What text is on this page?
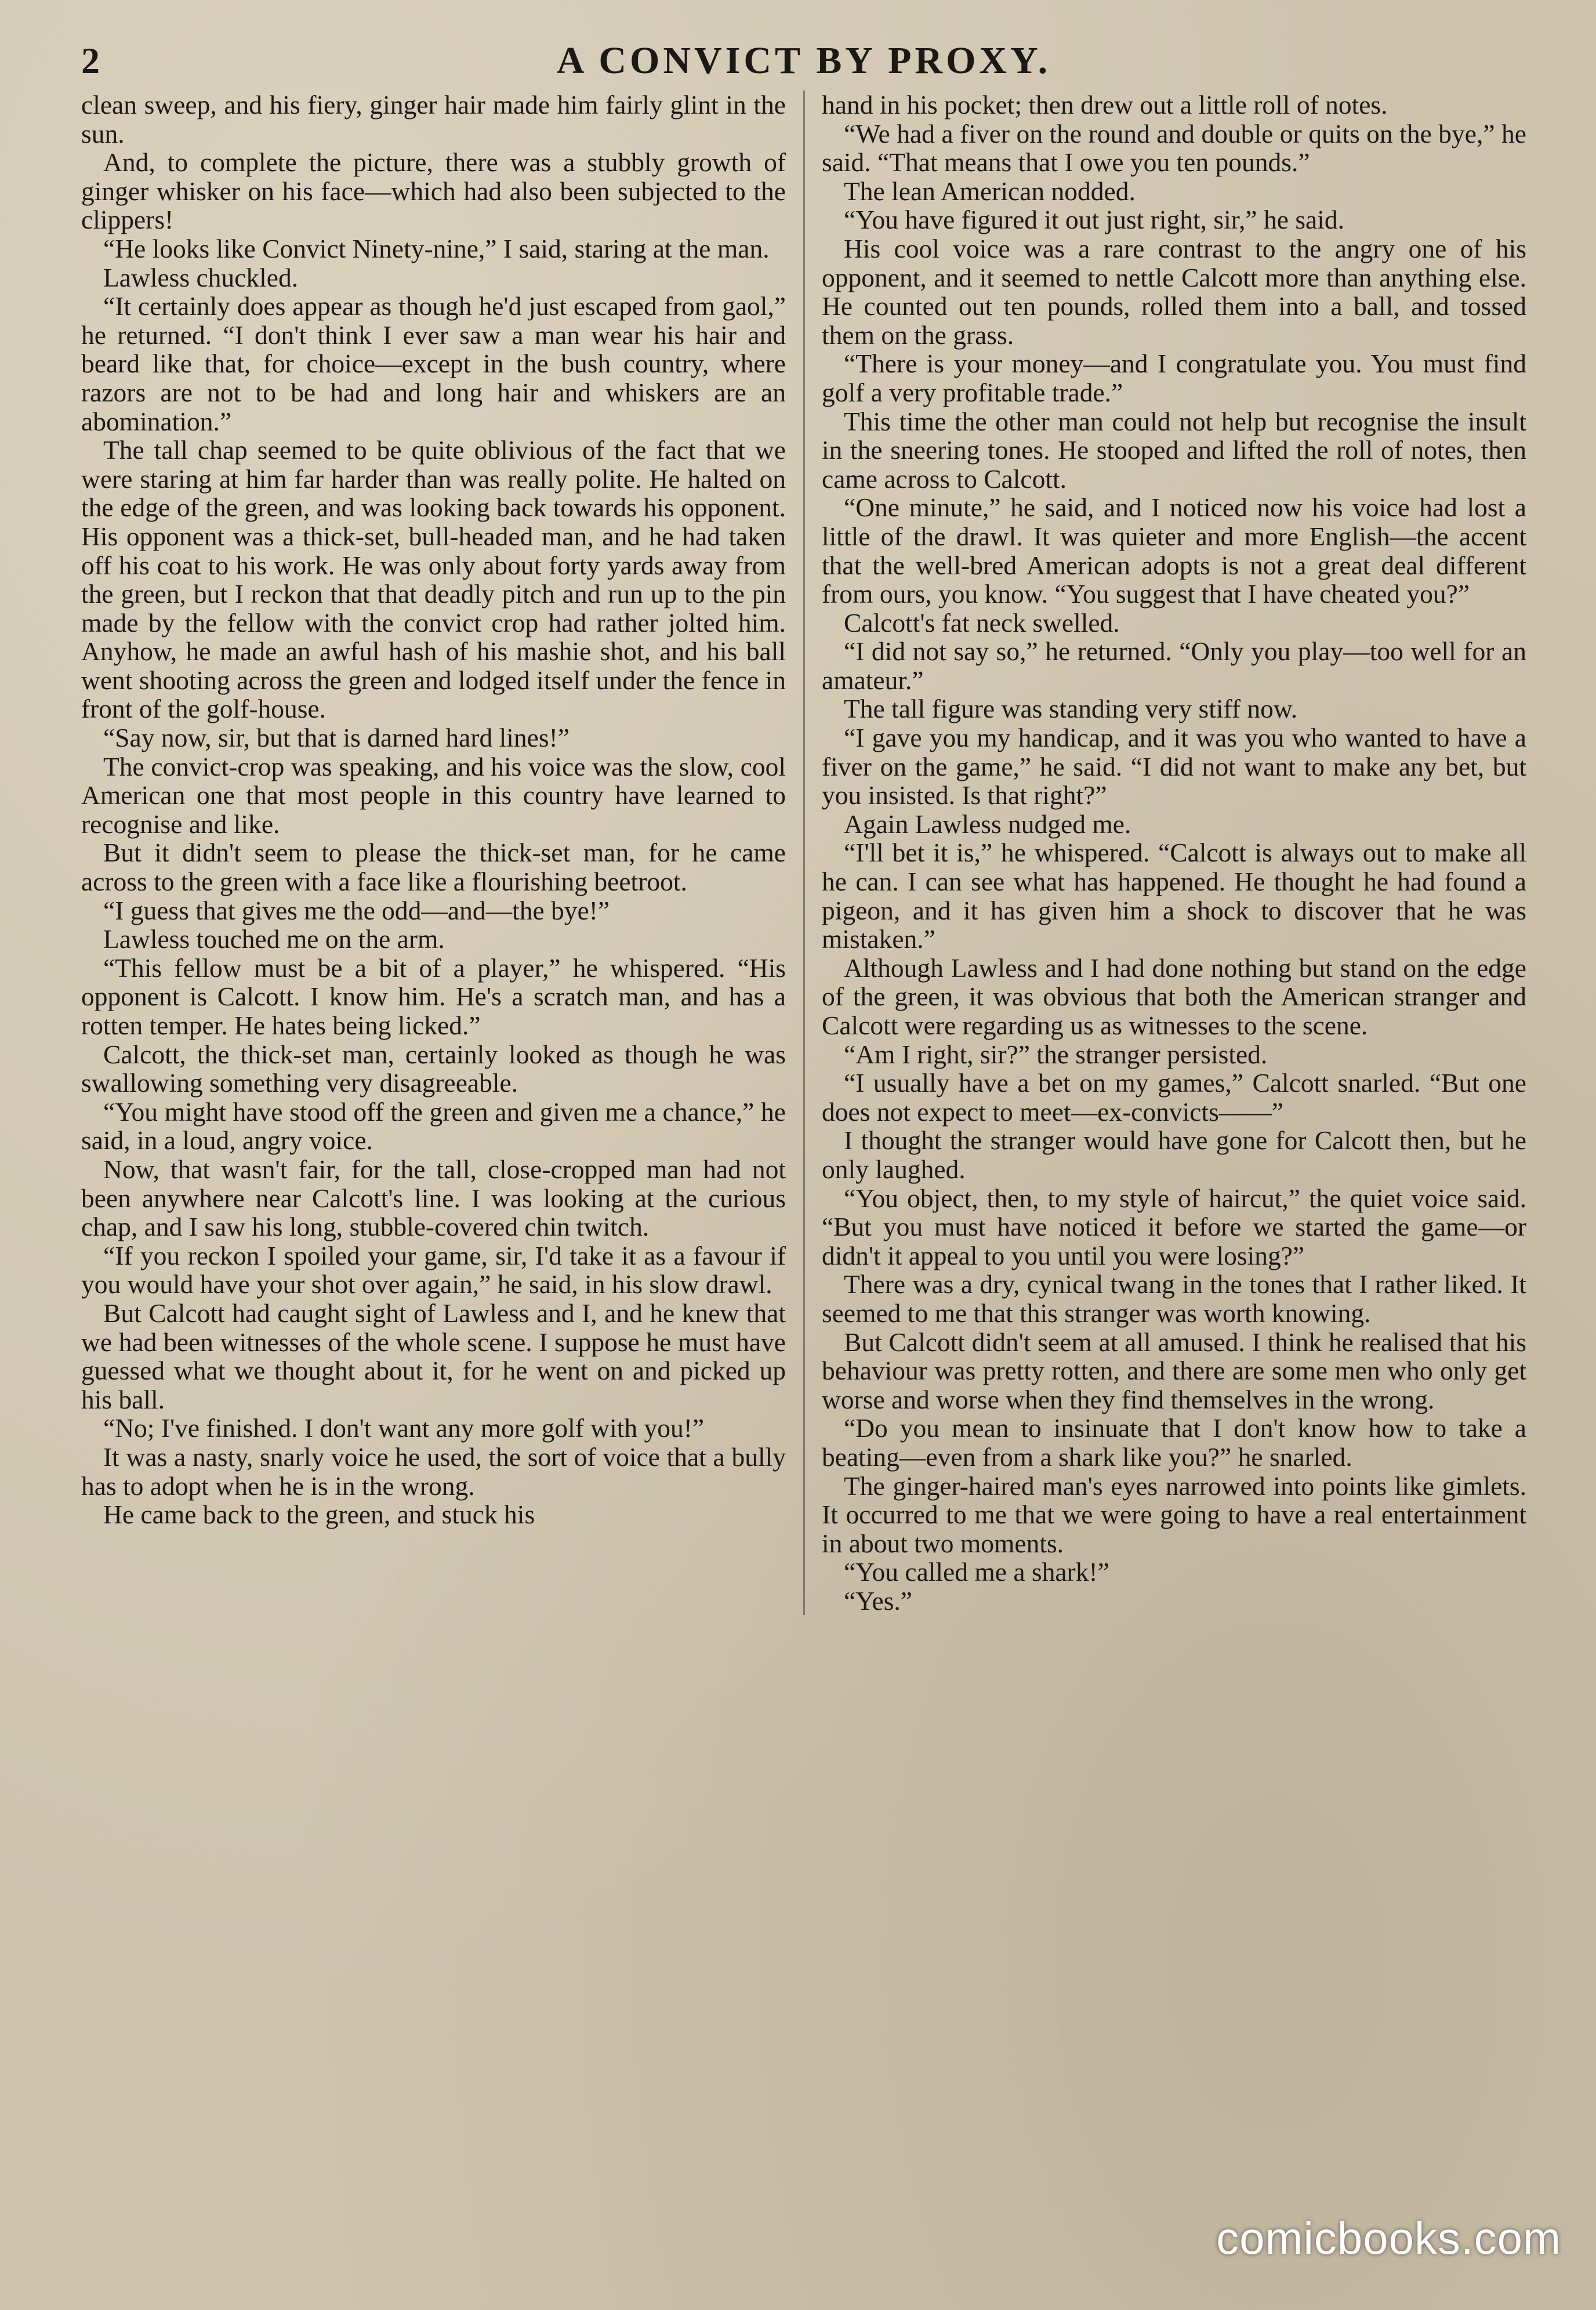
2	A CONVICT BY PROXY.

clean sweep, and his fiery, ginger hair made him fairly glint in the sun.

And, to complete the picture, there was a stubbly growth of ginger whisker on his face—which had also been subjected to the clippers!

“He looks like Convict Ninety-nine,” I said, staring at the man.

Lawless chuckled.

“It certainly does appear as though he'd just escaped from gaol,” he returned. “I don't think I ever saw a man wear his hair and beard like that, for choice—except in the bush country, where razors are not to be had and long hair and whiskers are an abomination.”

The tall chap seemed to be quite oblivious of the fact that we were staring at him far harder than was really polite. He halted on the edge of the green, and was looking back towards his opponent. His opponent was a thick-set, bull-headed man, and he had taken off his coat to his work. He was only about forty yards away from the green, but I reckon that that deadly pitch and run up to the pin made by the fellow with the convict crop had rather jolted him. Anyhow, he made an awful hash of his mashie shot, and his ball went shooting across the green and lodged itself under the fence in front of the golf-house.

“Say now, sir, but that is darned hard lines!”

The convict-crop was speaking, and his voice was the slow, cool American one that most people in this country have learned to recognise and like.

But it didn't seem to please the thick-set man, for he came across to the green with a face like a flourishing beetroot.

“I guess that gives me the odd—and—the bye!”

Lawless touched me on the arm.

“This fellow must be a bit of a player,” he whispered. “His opponent is Calcott. I know him. He's a scratch man, and has a rotten temper. He hates being licked.”

Calcott, the thick-set man, certainly looked as though he was swallowing something very disagreeable.

“You might have stood off the green and given me a chance,” he said, in a loud, angry voice.

Now, that wasn't fair, for the tall, close-cropped man had not been anywhere near Calcott's line. I was looking at the curious chap, and I saw his long, stubble-covered chin twitch.

“If you reckon I spoiled your game, sir, I'd take it as a favour if you would have your shot over again,” he said, in his slow drawl.

But Calcott had caught sight of Lawless and I, and he knew that we had been witnesses of the whole scene. I suppose he must have guessed what we thought about it, for he went on and picked up his ball.

“No; I've finished. I don't want any more golf with you!”

It was a nasty, snarly voice he used, the sort of voice that a bully has to adopt when he is in the wrong.

He came back to the green, and stuck his

hand in his pocket; then drew out a little roll of notes.

“We had a fiver on the round and double or quits on the bye,” he said. “That means that I owe you ten pounds.”

The lean American nodded.

“You have figured it out just right, sir,” he said.

His cool voice was a rare contrast to the angry one of his opponent, and it seemed to nettle Calcott more than anything else. He counted out ten pounds, rolled them into a ball, and tossed them on the grass.

“There is your money—and I congratulate you. You must find golf a very profitable trade.”

This time the other man could not help but recognise the insult in the sneering tones. He stooped and lifted the roll of notes, then came across to Calcott.

“One minute,” he said, and I noticed now his voice had lost a little of the drawl. It was quieter and more English—the accent that the well-bred American adopts is not a great deal different from ours, you know. “You suggest that I have cheated you?”

Calcott's fat neck swelled.

“I did not say so,” he returned. “Only you play—too well for an amateur.”

The tall figure was standing very stiff now.

“I gave you my handicap, and it was you who wanted to have a fiver on the game,” he said. “I did not want to make any bet, but you insisted. Is that right?”

Again Lawless nudged me.

“I'll bet it is,” he whispered. “Calcott is always out to make all he can. I can see what has happened. He thought he had found a pigeon, and it has given him a shock to discover that he was mistaken.”

Although Lawless and I had done nothing but stand on the edge of the green, it was obvious that both the American stranger and Calcott were regarding us as witnesses to the scene.

“Am I right, sir?” the stranger persisted.

“I usually have a bet on my games,” Calcott snarled. “But one does not expect to meet—ex-convicts——”

I thought the stranger would have gone for Calcott then, but he only laughed.

“You object, then, to my style of haircut,” the quiet voice said. “But you must have noticed it before we started the game—or didn't it appeal to you until you were losing?”

There was a dry, cynical twang in the tones that I rather liked. It seemed to me that this stranger was worth knowing.

But Calcott didn't seem at all amused. I think he realised that his behaviour was pretty rotten, and there are some men who only get worse and worse when they find themselves in the wrong.

“Do you mean to insinuate that I don't know how to take a beating—even from a shark like you?” he snarled.

The ginger-haired man's eyes narrowed into points like gimlets. It occurred to me that we were going to have a real entertainment in about two moments.

“You called me a shark!”

“Yes.”

comicbooks.com
